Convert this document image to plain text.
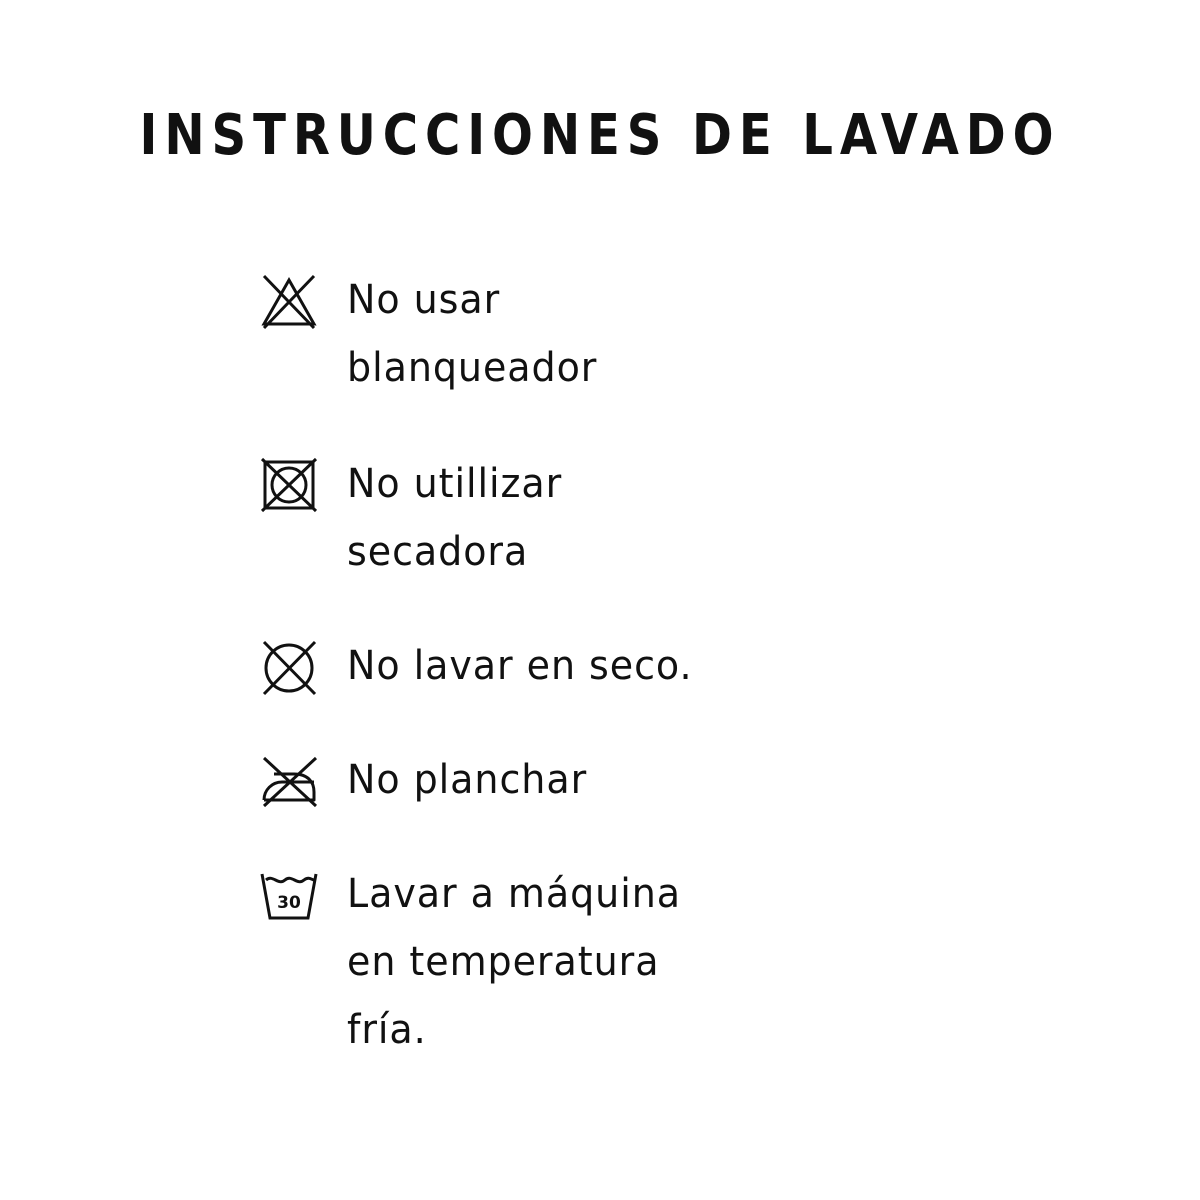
INSTRUCCIONES DE LAVADO
No usar
blanqueador
No utillizar
secadora
No lavar en seco.
No planchar
30 Lavar a máquina
en temperatura
fría.
